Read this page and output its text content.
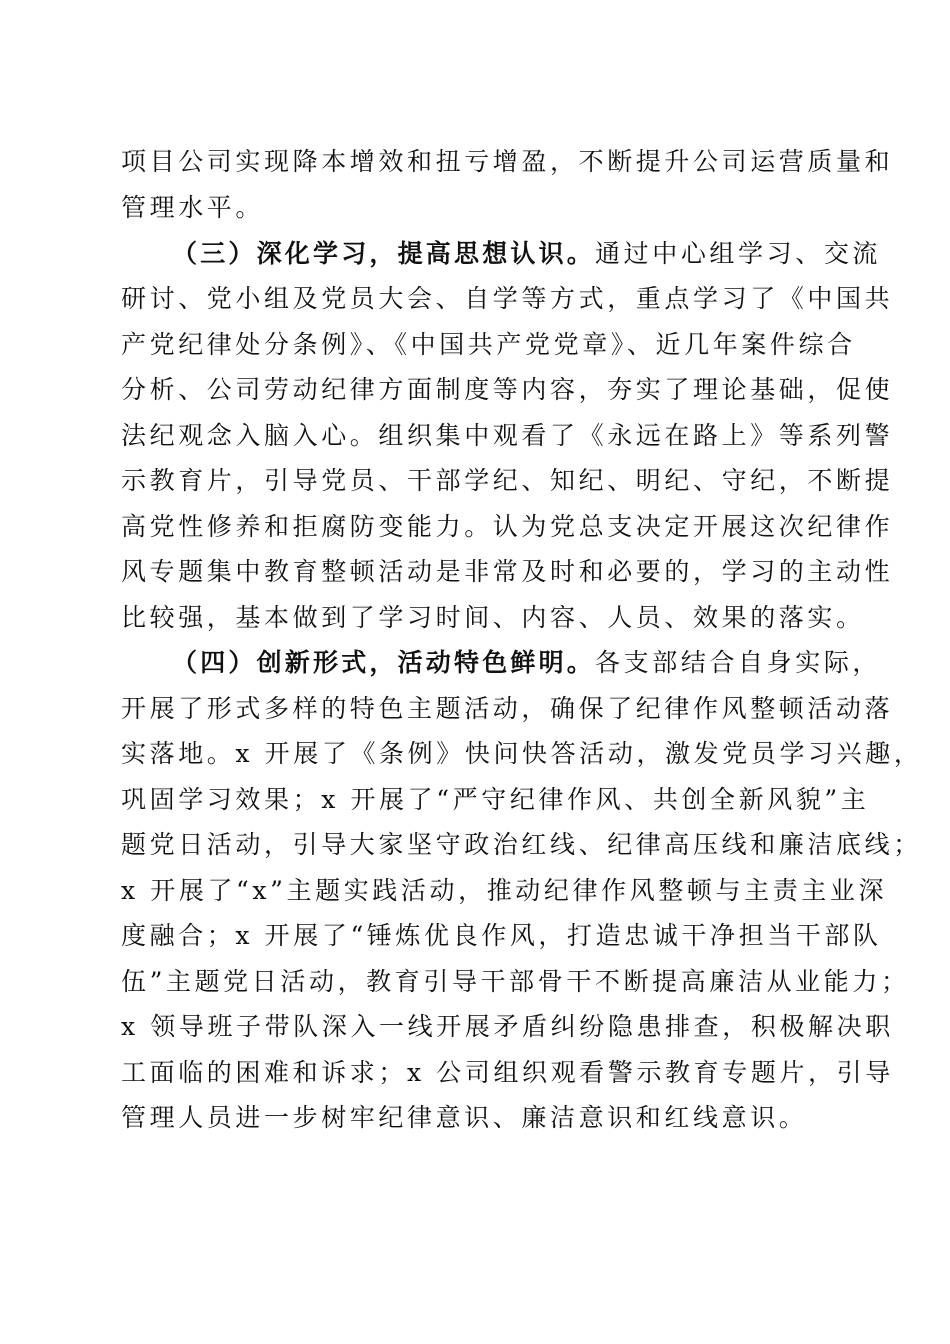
项目公司实现降本增效和扭亏增盈，不断提升公司运营质量和
管理水平。
（三）深化学习，提高思想认识。通过中心组学习、交流
研讨、党小组及党员大会、自学等方式，重点学习了《中国共
产党纪律处分条例》、《中国共产党党章》、近几年案件综合
分析、公司劳动纪律方面制度等内容，夯实了理论基础，促使
法纪观念入脑入心。组织集中观看了《永远在路上》等系列警
示教育片，引导党员、干部学纪、知纪、明纪、守纪，不断提
高党性修养和拒腐防变能力。认为党总支决定开展这次纪律作
风专题集中教育整顿活动是非常及时和必要的，学习的主动性
比较强，基本做到了学习时间、内容、人员、效果的落实。
（四）创新形式，活动特色鲜明。各支部结合自身实际，
开展了形式多样的特色主题活动，确保了纪律作风整顿活动落
实落地。x 开展了《条例》快问快答活动，激发党员学习兴趣，
巩固学习效果；x 开展了“严守纪律作风、共创全新风貌”主
题党日活动，引导大家坚守政治红线、纪律高压线和廉洁底线；
x 开展了“x”主题实践活动，推动纪律作风整顿与主责主业深
度融合；x 开展了“锤炼优良作风，打造忠诚干净担当干部队
伍”主题党日活动，教育引导干部骨干不断提高廉洁从业能力；
x 领导班子带队深入一线开展矛盾纠纷隐患排查，积极解决职
工面临的困难和诉求；x 公司组织观看警示教育专题片，引导
管理人员进一步树牢纪律意识、廉洁意识和红线意识。
